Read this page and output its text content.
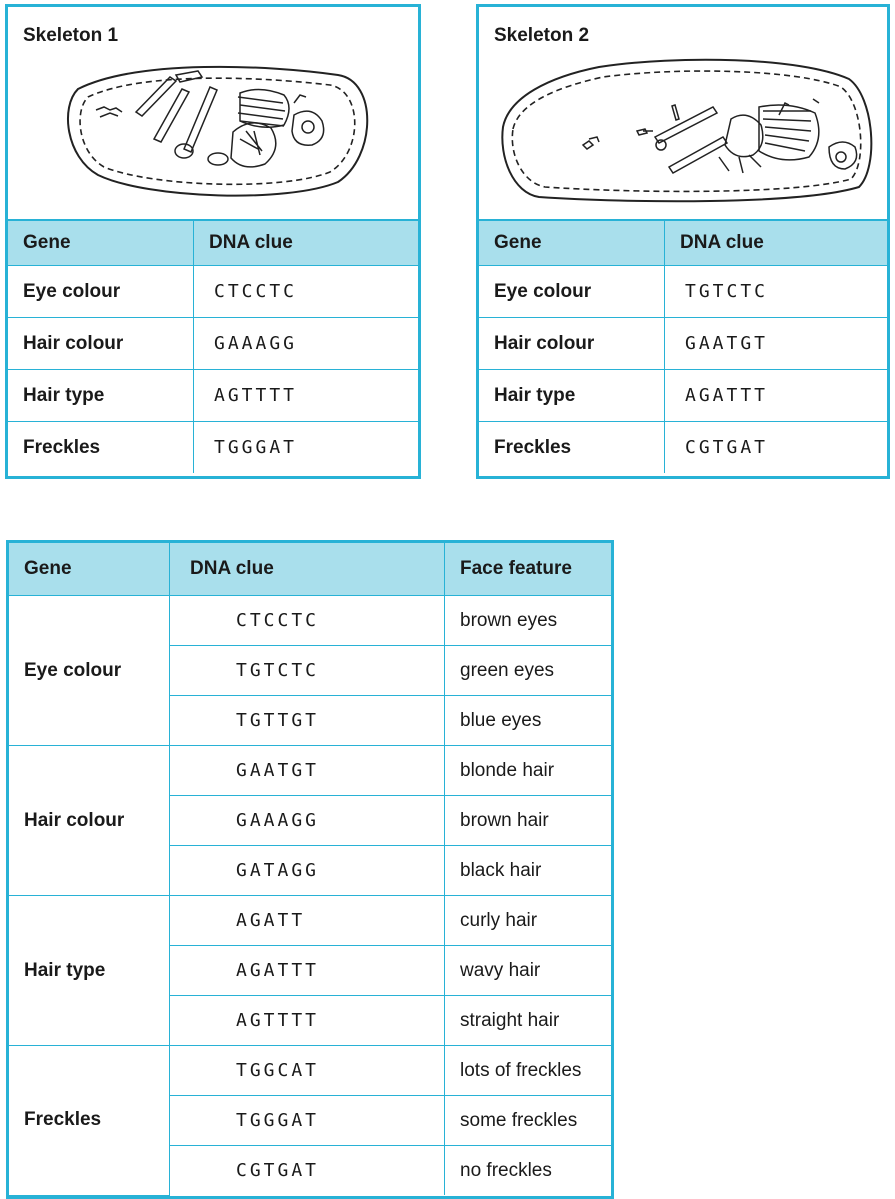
Skeleton 1
Gene	DNA clue
Eye colour	CTCCTC
Hair colour	GAAAGG
Hair type	AGTTTT
Freckles	TGGGAT
Skeleton 2
Gene	DNA clue
Eye colour	TGTCTC
Hair colour	GAATGT
Hair type	AGATTT
Freckles	CGTGAT
Gene	DNA clue	Face feature
Eye colour	CTCCTC	brown eyes
	TGTCTC	green eyes
	TGTTGT	blue eyes
Hair colour	GAATGT	blonde hair
	GAAAGG	brown hair
	GATAGG	black hair
Hair type	AGATT	curly hair
	AGATTT	wavy hair
	AGTTTT	straight hair
Freckles	TGGCAT	lots of freckles
	TGGGAT	some freckles
	CGTGAT	no freckles
